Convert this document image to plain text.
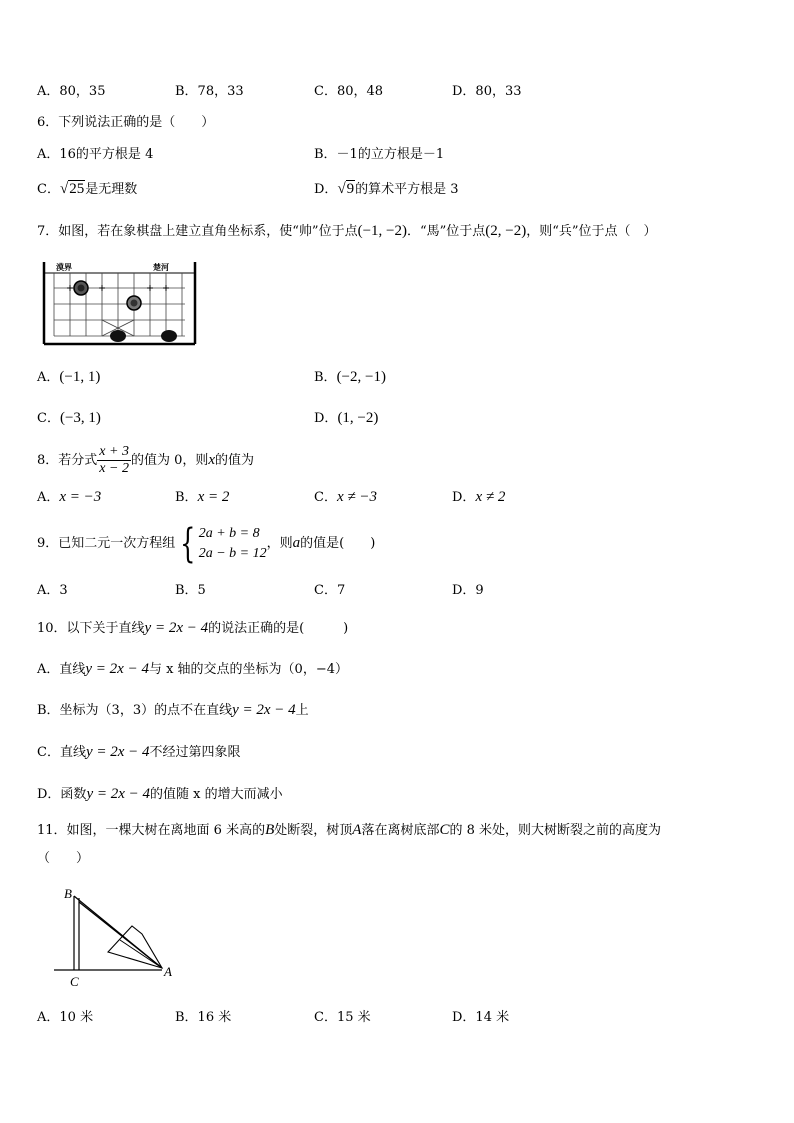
A．80，35	B．78，33	C．80，48	D．80，33
6．下列说法正确的是（　　）
A．16的平方根是 4	B．－1的立方根是－1
C．√25是无理数	D．√9的算术平方根是 3
7．如图，若在象棋盘上建立直角坐标系，使“帅”位于点(−1, −2)．“馬”位于点(2, −2)，则“兵”位于点（　）
漠界	楚河
A．(−1, 1)	B．(−2, −1)
C．(−3, 1)	D．(1, −2)
8．若分式 $\frac{x + 3}{x - 2}$ 的值为 0，则x的值为
A．x = −3	B．x = 2	C．x ≠ −3	D．x ≠ 2
9．已知二元一次方程组 { 2a + b = 8
2a − b = 12
，则a的值是(　　)
A．3	B．5	C．7	D．9
10．以下关于直线y = 2x − 4的说法正确的是(　　　)
A．直线y = 2x − 4与 x 轴的交点的坐标为（0，−4）
B．坐标为（3，3）的点不在直线y = 2x − 4上
C．直线y = 2x − 4不经过第四象限
D．函数y = 2x − 4的值随 x 的增大而减小
11．如图，一棵大树在离地面 6 米高的B处断裂，树顶A落在离树底部C的 8 米处，则大树断裂之前的高度为
（　　）
B
C
A
A．10 米	B．16 米	C．15 米	D．14 米
